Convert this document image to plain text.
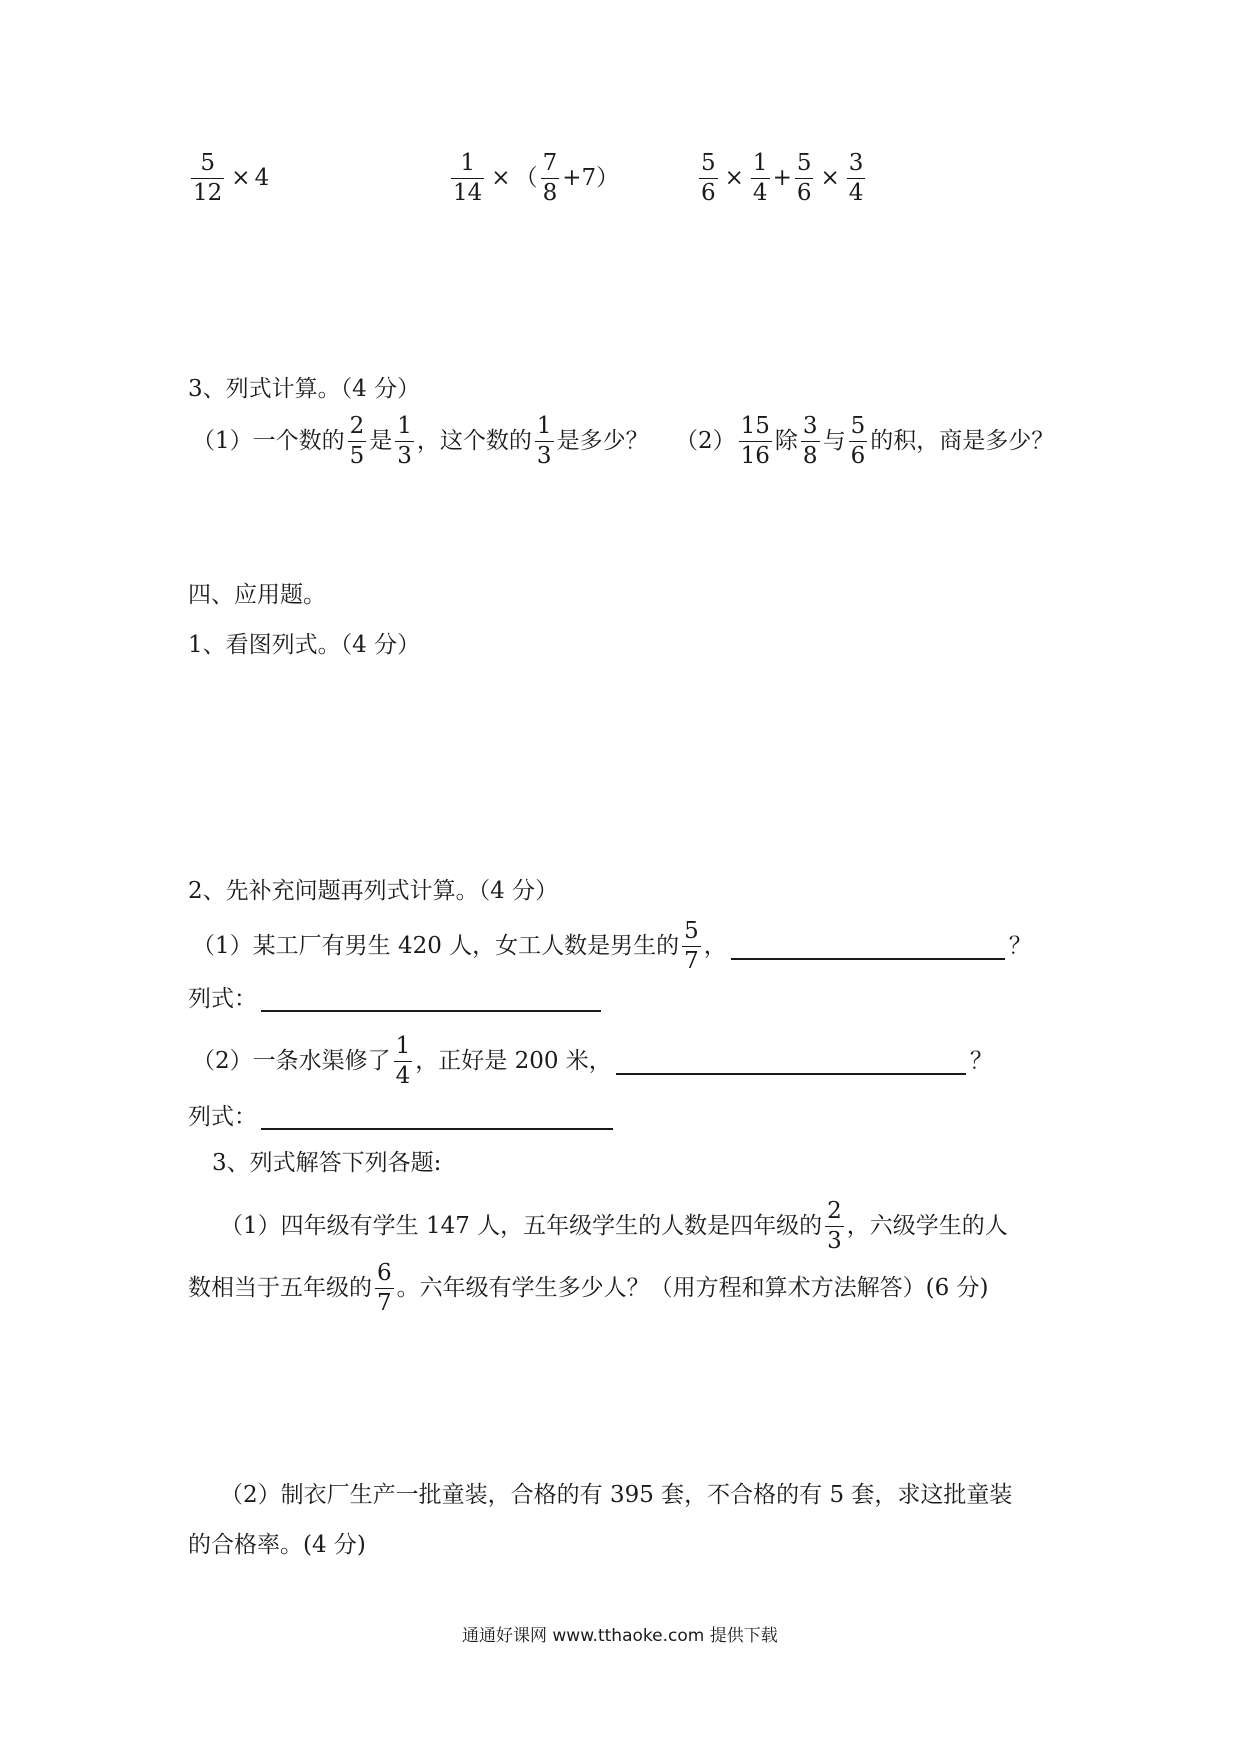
$\frac{5}{12} \times 4$	$\frac{1}{14}$ × （ $\frac{7}{8} +7$ ）	$\frac{5}{6} \times \frac{1}{4} + \frac{5}{6} \times \frac{3}{4}$
3、列式计算。（4 分）
（1）一个数的 $\frac{2}{5}$ 是 $\frac{1}{3}$ ，这个数的 $\frac{1}{3}$ 是多少？ $(2) \frac{15}{16}$ 除 $\frac{3}{8}$ 与 $\frac{5}{6}$ 的积，商是多少？
四、应用题。
1、看图列式。（4 分）
2、先补充问题再列式计算。（4 分）
（1）某工厂有男生 420 人，女工人数是男生的 $\frac{5}{7}$ ，	？
列式：
（2）一条水渠修了 $\frac{1}{4}$ ，正好是 200 米，	？
列式：
3、列式解答下列各题:
（1）四年级有学生 147 人，五年级学生的人数是四年级的 $\frac{2}{3}$ ，六级学生的人
数相当于五年级的 $\frac{6}{7}$ 。六年级有学生多少人？（用方程和算术方法解答）(6 分)
（2）制衣厂生产一批童装，合格的有 395 套，不合格的有 5 套，求这批童装
的合格率。(4 分)
通通好课网 www.tthaoke.com 提供下载
